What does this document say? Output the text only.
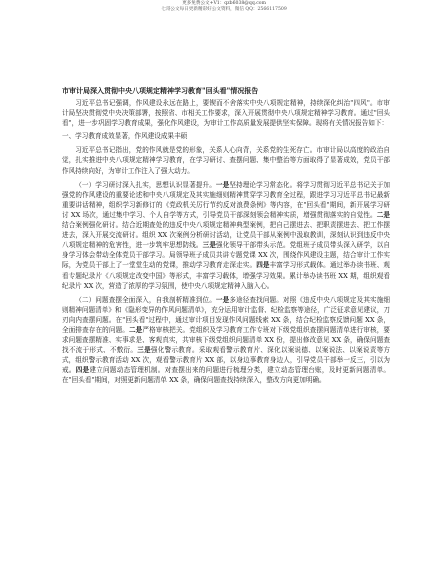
更多免费公文+V1：qzb6038@qq.com
七哥公文每日更新精彩好公文资料，微信 QQ：2566117509
市审计局深入贯彻中央八项规定精神学习教育"回头看"情况报告

习近平总书记强调，作风建设永远在路上，要锲而不舍落实中央八项规定精神，持续深化纠治"四风"。市审计局坚决贯彻党中央决策部署，按照省、市相关工作要求，深入开展贯彻中央八项规定精神学习教育。通过"回头看"，进一步巩固学习教育成果，强化作风建设，为审计工作高质量发展提供坚实保障。现将有关情况报告如下：

一、学习教育成效显著，作风建设成果丰硕

习近平总书记指出，党的作风就是党的形象，关系人心向背，关系党的生死存亡。市审计局以高度的政治自觉，扎实推进中央八项规定精神学习教育，在学习研讨、查摆问题、集中整治等方面取得了显著成效，党员干部作风持续向好，为审计工作注入了强大动力。

（一）学习研讨深入扎实，思想认识显著提升。一是坚持理论学习常态化。将学习贯彻习近平总书记关于加强党的作风建设的重要论述和中央八项规定及其实施细则精神贯穿学习教育全过程，跟进学习习近平总书记最新重要讲话精神，组织学习新修订的《党政机关厉行节约反对浪费条例》等内容，在"回头看"期间，新开展学习研讨 XX 场次，通过集中学习、个人自学等方式，引导党员干部深刻领会精神实质，增强贯彻落实的自觉性。二是结合案例强化研讨。结合近期查处的违反中央八项规定精神典型案例，把自己摆进去、把职责摆进去、把工作摆进去，深入开展交流研讨。组织 XX 次案例分析研讨活动，让党员干部从案例中汲取教训，深刻认识到违反中央八项规定精神的危害性，进一步筑牢思想防线。三是强化领导干部带头示范。党组班子成员带头深入研学，以自身学习体会带动全体党员干部学习。局领导班子成员共讲专题党课 XX 次，围绕作风建设主题，结合审计工作实际，为党员干部上了一堂堂生动的党课，推动学习教育走深走实。四是丰富学习形式载体。通过举办读书班、观看专题纪录片《八项规定改变中国》等形式，丰富学习载体，增强学习效果。累计举办读书班 XX 期，组织观看纪录片 XX 次，营造了浓厚的学习氛围，使中央八项规定精神入脑入心。

（二）问题查摆全面深入，自我剖析精准到位。一是多途径查找问题。对照《违反中央八项规定及其实施细则精神问题清单》和《隐形变异的作风问题清单》，充分运用审计监督、纪检监察等途径，广泛征求意见建议，刀刃向内查摆问题。在"回头看"过程中，通过审计项目发现作风问题线索 XX 条，结合纪检监察反馈问题 XX 条，全面排查存在的问题。二是严格审核把关。党组织及学习教育工作专班对下级党组织查摆问题清单进行审核，要求问题查摆精准、实事求是、客观真实，共审核下级党组织问题清单 XX 份，提出修改意见 XX 条，确保问题查找不流于形式、不敷衍。三是强化警示教育。采取观看警示教育片、深化以案说德、以案说法、以案说责等方式，组织警示教育活动 XX 次，观看警示教育片 XX 部，以身边事教育身边人，引导党员干部举一反三，引以为戒。四是建立问题动态管理机制。对查摆出来的问题进行梳理分类，建立动态管理台账，及时更新问题清单。在"回头看"期间，对照更新问题清单 XX 条，确保问题查找持续深入，整改方向更加明确。
